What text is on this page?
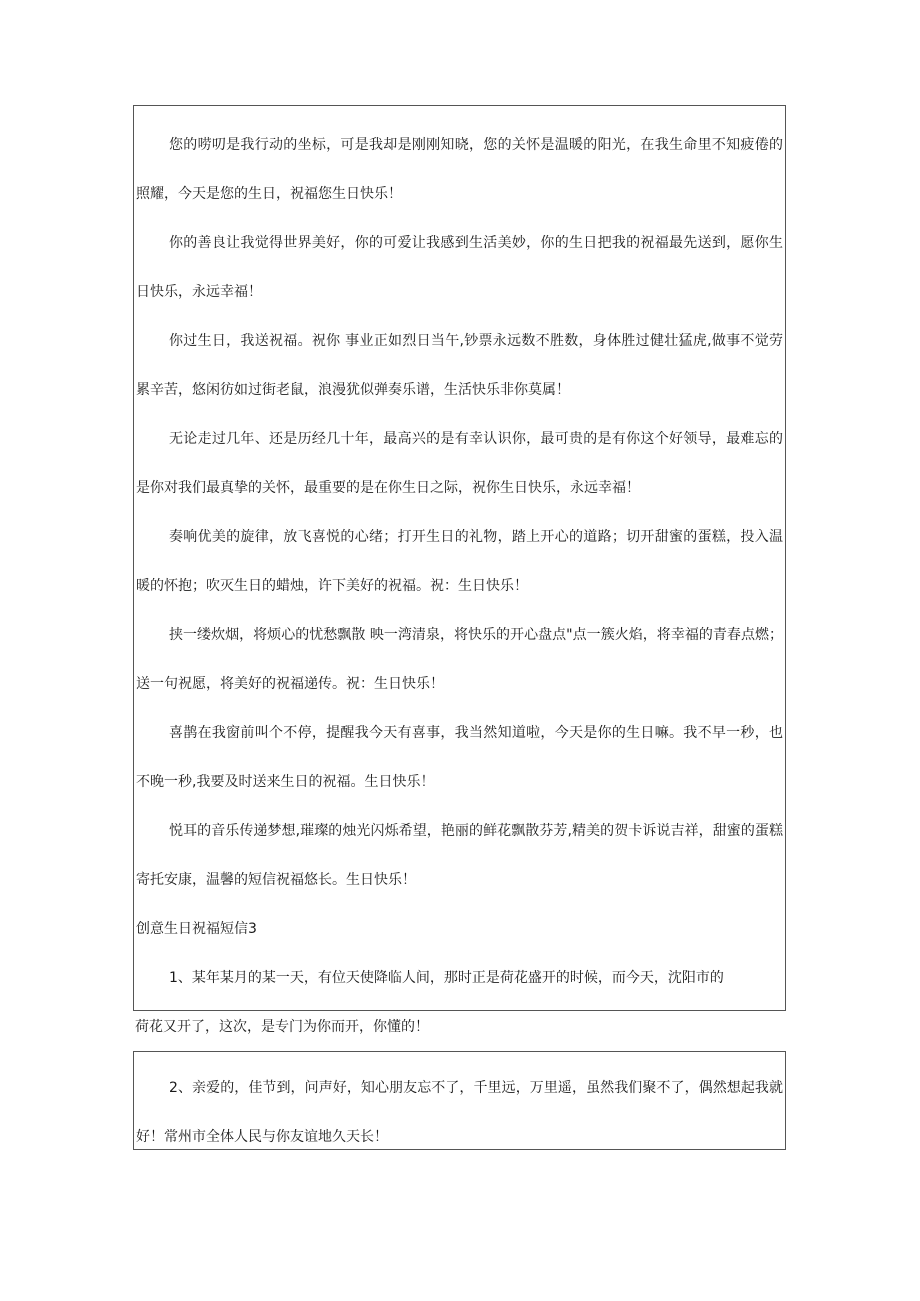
您的唠叨是我行动的坐标，可是我却是刚刚知晓，您的关怀是温暖的阳光，在我生命里不知疲倦的照耀，今天是您的生日，祝福您生日快乐！

你的善良让我觉得世界美好，你的可爱让我感到生活美妙，你的生日把我的祝福最先送到，愿你生日快乐，永远幸福！

你过生日，我送祝福。祝你 事业正如烈日当午,钞票永远数不胜数，身体胜过健壮猛虎,做事不觉劳累辛苦，悠闲彷如过街老鼠，浪漫犹似弹奏乐谱，生活快乐非你莫属！

无论走过几年、还是历经几十年，最高兴的是有幸认识你，最可贵的是有你这个好领导，最难忘的是你对我们最真挚的关怀，最重要的是在你生日之际，祝你生日快乐，永远幸福！

奏响优美的旋律，放飞喜悦的心绪；打开生日的礼物，踏上开心的道路；切开甜蜜的蛋糕，投入温暖的怀抱；吹灭生日的蜡烛，许下美好的祝福。祝：生日快乐！

挟一缕炊烟，将烦心的忧愁飘散 映一湾清泉，将快乐的开心盘点"点一簇火焰，将幸福的青春点燃；送一句祝愿，将美好的祝福递传。祝：生日快乐！

喜鹊在我窗前叫个不停，提醒我今天有喜事，我当然知道啦，今天是你的生日嘛。我不早一秒，也不晚一秒,我要及时送来生日的祝福。生日快乐！

悦耳的音乐传递梦想,璀璨的烛光闪烁希望，艳丽的鲜花飘散芬芳,精美的贺卡诉说吉祥，甜蜜的蛋糕寄托安康，温馨的短信祝福悠长。生日快乐！

创意生日祝福短信3

1、某年某月的某一天，有位天使降临人间，那时正是荷花盛开的时候，而今天，沈阳市的

荷花又开了，这次，是专门为你而开，你懂的！

2、亲爱的，佳节到，问声好，知心朋友忘不了，千里远，万里遥，虽然我们聚不了，偶然想起我就好！常州市全体人民与你友谊地久天长！
